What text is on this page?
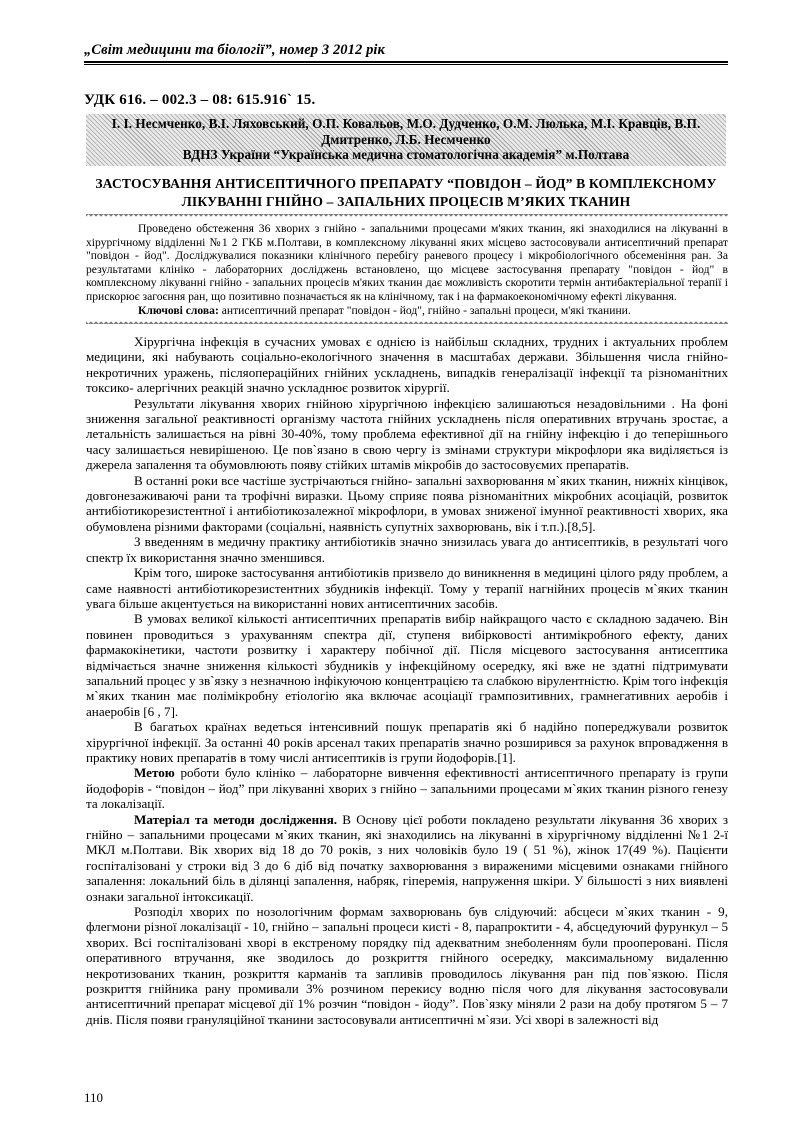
„Світ медицини та біології”, номер 3 2012 рік
УДК 616. – 002.3 – 08: 615.916` 15.
І. І. Несмченко, В.І. Ляховський, О.П. Ковальов, М.О. Дудченко, О.М. Люлька, М.І. Кравців, В.П.
Дмитренко, Л.Б. Несмченко
ВДНЗ України “Українська медична стоматологічна академія” м.Полтава
ЗАСТОСУВАННЯ АНТИСЕПТИЧНОГО ПРЕПАРАТУ “ПОВІДОН – ЙОД” В КОМПЛЕКСНОМУ
ЛІКУВАННІ ГНІЙНО – ЗАПАЛЬНИХ ПРОЦЕСІВ М’ЯКИХ ТКАНИН

Проведено обстеження 36 хворих з гнійно - запальними процесами м'яких тканин, які знаходилися на лікуванні в хірургічному відділенні №1 2 ГКБ м.Полтави, в комплексному лікуванні яких місцево застосовували антисептичний препарат "повідон - йод". Досліджувалися показники клінічного перебігу раневого процесу і мікробіологічного обсеменіння ран. За результатами клініко - лабораторних досліджень встановлено, що місцеве застосування препарату "повідон - йод" в комплексному лікуванні гнійно - запальних процесів м'яких тканин дає можливість скоротити термін антибактеріальної терапії і прискорює загоєння ран, що позитивно позначається як на клінічному, так і на фармакоекономічному ефекті лікування.

Ключові слова: антисептичний препарат "повідон - йод", гнійно - запальні процеси, м'які тканини.

Хірургічна інфекція в сучасних умовах є однією із найбільш складних, трудних і актуальних проблем медицини, які набувають соціально-екологічного значення в масштабах держави. Збільшення числа гнійно-некротичних уражень, післяопераційних гнійних ускладнень, випадків генералізації інфекції та різноманітних токсико- алергічних реакцій значно ускладнює розвиток хірургії.

Результати лікування хворих гнійною хірургічною інфекцією залишаються незадовільними . На фоні зниження загальної реактивності організму частота гнійних ускладнень після оперативних втручань зростає, а летальність залишається на рівні 30-40%, тому проблема ефективної дії на гнійну інфекцію і до теперішнього часу залишається невирішеною. Це пов`язано в свою чергу із змінами структури мікрофлори яка виділяється із джерела запалення та обумовлюють появу стійких штамів мікробів до застосовуємих препаратів.

В останні роки все частіше зустрічаються гнійно- запальні захворювання м`яких тканин, нижніх кінцівок, довгонезаживаючі рани та трофічні виразки. Цьому сприяє поява різноманітних мікробних асоціацій, розвиток антибіотикорезистентної і антибіотикозалежної мікрофлори, в умовах зниженої імунної реактивності хворих, яка обумовлена різними факторами (соціальні, наявність супутніх захворювань, вік і т.п.).[8,5].

З введенням в медичну практику антибіотиків значно знизилась увага до антисептиків, в результаті чого спектр їх використання значно зменшився.

Крім того, широке застосування антибіотиків призвело до виникнення в медицині цілого ряду проблем, а саме наявності антибіотикорезистентних збудників інфекції. Тому у терапії нагнійних процесів м`яких тканин увага більше акцентується на використанні нових антисептичних засобів.

В умовах великої кількості антисептичних препаратів вибір найкращого часто є складною задачею. Він повинен проводиться з урахуванням спектра дії, ступеня вибірковості антимікробного ефекту, даних фармакокінетики, частоти розвитку і характеру побічної дії. Після місцевого застосування антисептика відмічається значне зниження кількості збудників у інфекційному осередку, які вже не здатні підтримувати запальний процес у зв`язку з незначною інфікуючою концентрацією та слабкою вірулентністю. Крім того інфекція м`яких тканин має полімікробну етіологію яка включає асоціації грампозитивних, грамнегативних аеробів і анаеробів [6 , 7].

В багатьох країнах ведеться інтенсивний пошук препаратів які б надійно попереджували розвиток хірургічної інфекції. За останні 40 років арсенал таких препаратів значно розширився за рахунок впровадження в практику нових препаратів в тому числі антисептиків із групи йодофорів.[1].

Метою роботи було клініко – лабораторне вивчення ефективності антисептичного препарату із групи йодофорів - “повідон – йод” при лікуванні хворих з гнійно – запальними процесами м`яких тканин різного генезу та локалізації.

Матеріал та методи дослідження. В Основу цієї роботи покладено результати лікування 36 хворих з гнійно – запальними процесами м`яких тканин, які знаходились на лікуванні в хірургічному відділенні №1 2-ї МКЛ м.Полтави. Вік хворих від 18 до 70 років, з них чоловіків було 19 ( 51 %), жінок 17(49 %). Пацієнти госпіталізовані у строки від 3 до 6 діб від початку захворювання з вираженими місцевими ознаками гнійного запалення: локальний біль в ділянці запалення, набряк, гіперемія, напруження шкіри. У більшості з них виявлені ознаки загальної інтоксикації.

Розподіл хворих по нозологічним формам захворювань був слідуючий: абсцеси м`яких тканин - 9, флегмони різної локалізації - 10, гнійно – запальні процеси кисті - 8, парапроктити - 4, абсцедуючий фурункул – 5 хворих. Всі госпіталізовані хворі в екстреному порядку під адекватним знеболенням були прооперовані. Після оперативного втручання, яке зводилось до розкриття гнійного осередку, максимальному видаленню некротизованих тканин, розкриття карманів та запливів проводилось лікування ран під пов`язкою. Після розкриття гнійника рану промивали 3% розчином перекису водню після чого для лікування застосовували антисептичний препарат місцевої дії 1% розчин “повідон - йоду”. Пов`язку міняли 2 рази на добу протягом 5 – 7 днів. Після появи грануляційної тканини застосовували антисептичні м`язи. Усі хворі в залежності від

110
